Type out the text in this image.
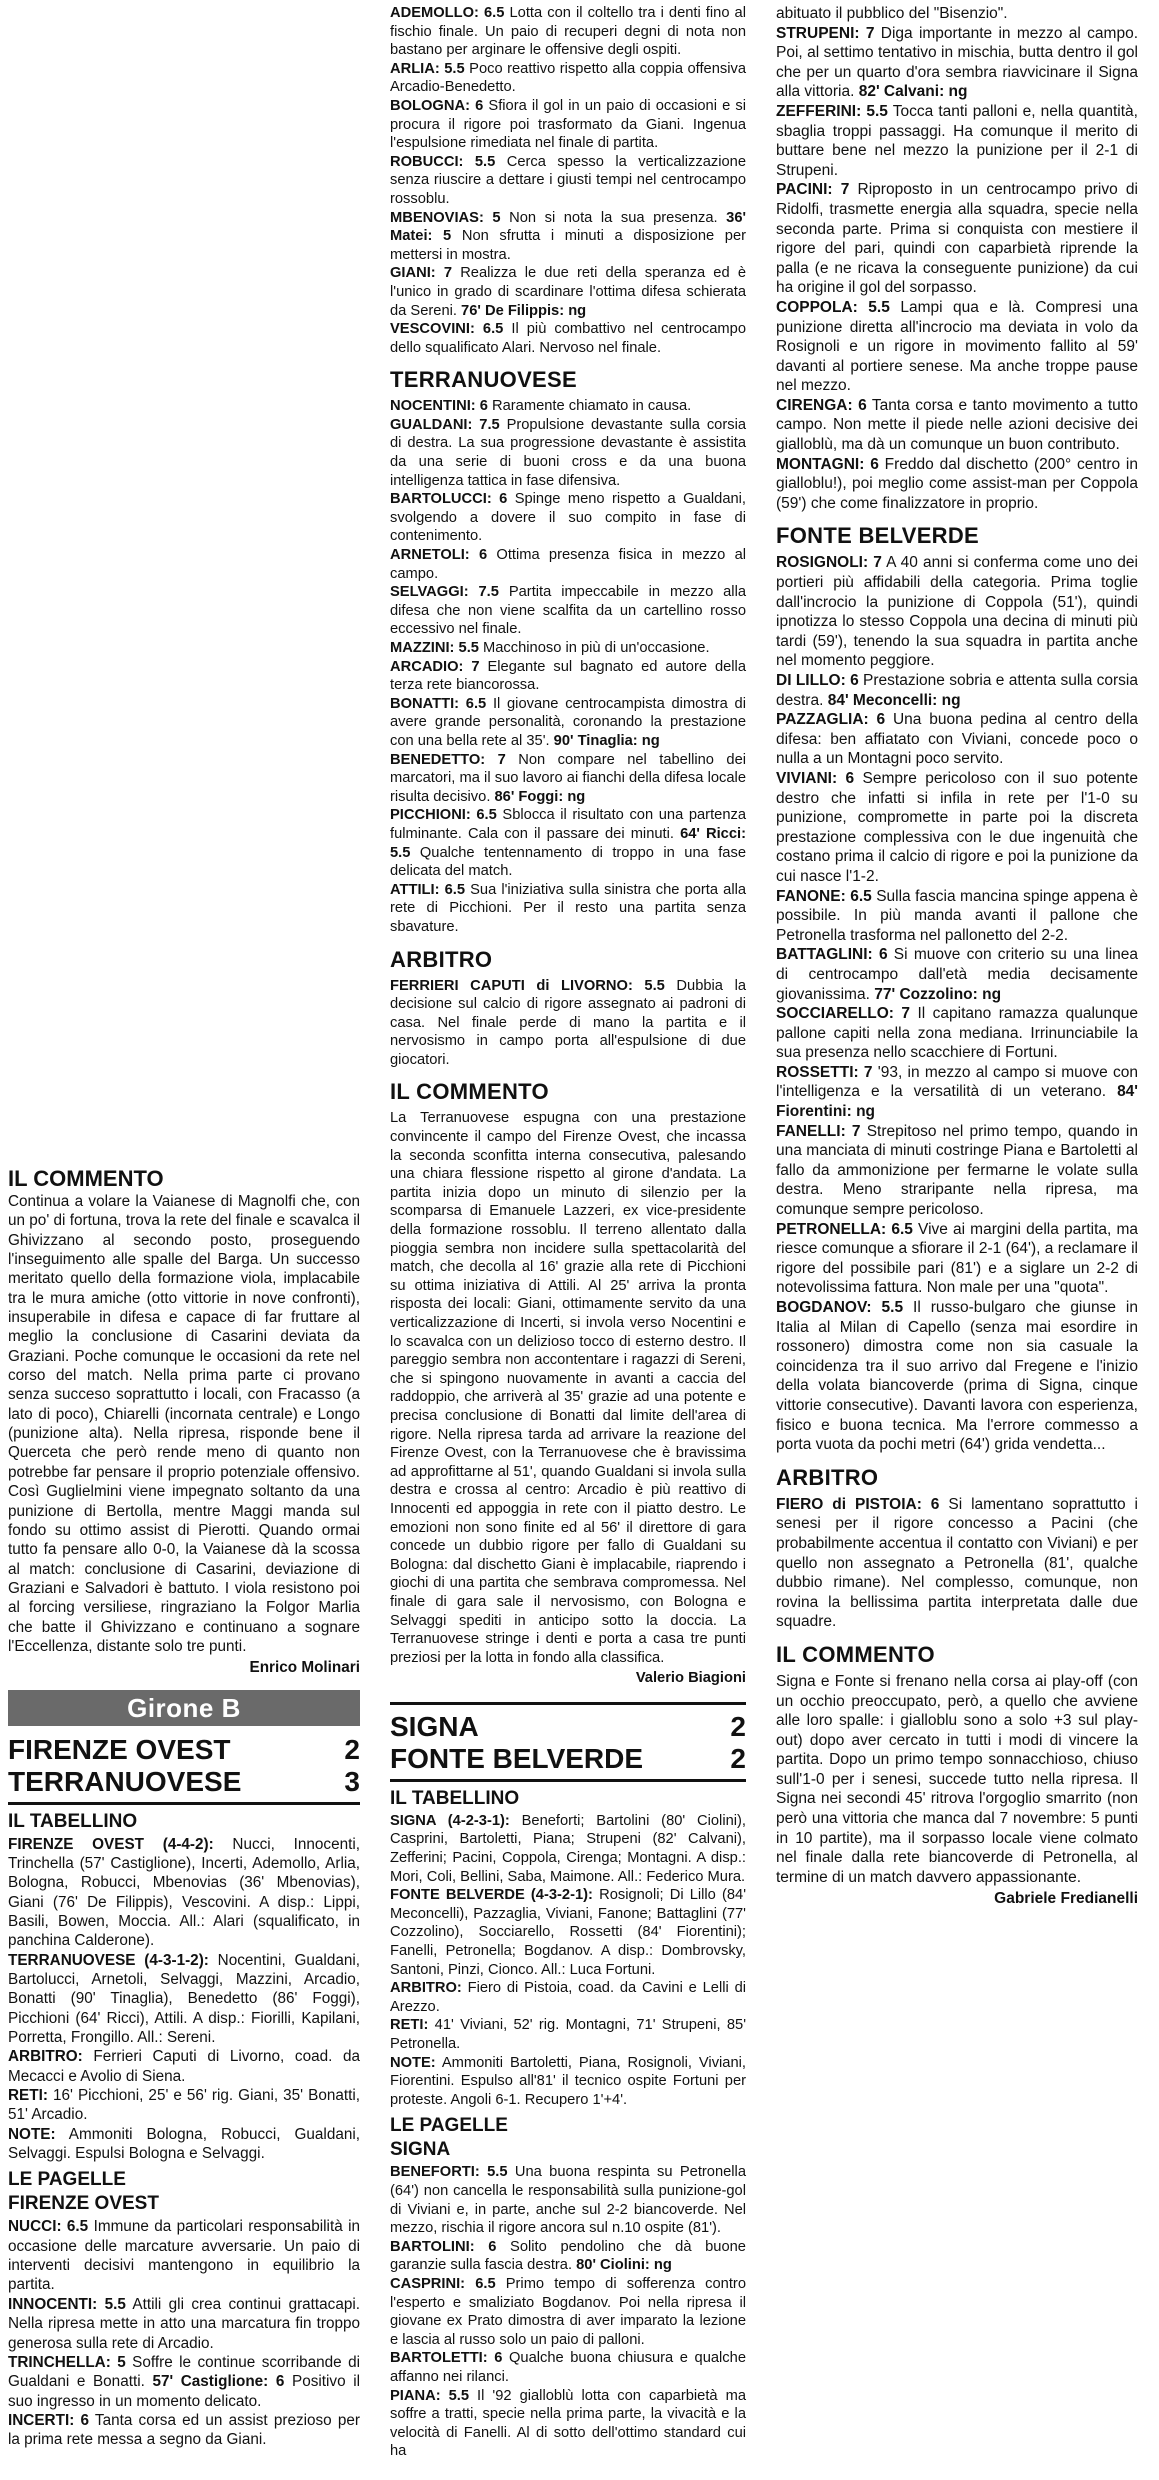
IL COMMENTO

Continua a volare la Vaianese di Magnolfi che, con un po' di fortuna, trova la rete del finale e scavalca il Ghivizzano al secondo posto, proseguendo l'inseguimento alle spalle del Barga. Un successo meritato quello della formazione viola, implacabile tra le mura amiche (otto vittorie in nove confronti), insuperabile in difesa e capace di far fruttare al meglio la conclusione di Casarini deviata da Graziani. Poche comunque le occasioni da rete nel corso del match. Nella prima parte ci provano senza succeso soprattutto i locali, con Fracasso (a lato di poco), Chiarelli (incornata centrale) e Longo (punizione alta). Nella ripresa, risponde bene il Querceta che però rende meno di quanto non potrebbe far pensare il proprio potenziale offensivo. Così Guglielmini viene impegnato soltanto da una punizione di Bertolla, mentre Maggi manda sul fondo su ottimo assist di Pierotti. Quando ormai tutto fa pensare allo 0-0, la Vaianese dà la scossa al match: conclusione di Casarini, deviazione di Graziani e Salvadori è battuto. I viola resistono poi al forcing versiliese, ringraziano la Folgor Marlia che batte il Ghivizzano e continuano a sognare l'Eccellenza, distante solo tre punti.

Enrico Molinari

Girone B
FIRENZE OVEST	2
TERRANUOVESE	3
IL TABELLINO

FIRENZE OVEST (4-4-2): Nucci, Innocenti, Trinchella (57' Castiglione), Incerti, Ademollo, Arlia, Bologna, Robucci, Mbenovias (36' Mbenovias), Giani (76' De Filippis), Vescovini. A disp.: Lippi, Basili, Bowen, Moccia. All.: Alari (squalificato, in panchina Calderone).

TERRANUOVESE (4-3-1-2): Nocentini, Gualdani, Bartolucci, Arnetoli, Selvaggi, Mazzini, Arcadio, Bonatti (90' Tinaglia), Benedetto (86' Foggi), Picchioni (64' Ricci), Attili. A disp.: Fiorilli, Kapilani, Porretta, Frongillo. All.: Sereni.

ARBITRO: Ferrieri Caputi di Livorno, coad. da Mecacci e Avolio di Siena.

RETI: 16' Picchioni, 25' e 56' rig. Giani, 35' Bonatti, 51' Arcadio.

NOTE: Ammoniti Bologna, Robucci, Gualdani, Selvaggi. Espulsi Bologna e Selvaggi.

LE PAGELLE
FIRENZE OVEST

NUCCI: 6.5 Immune da particolari responsabilità in occasione delle marcature avversarie. Un paio di interventi decisivi mantengono in equilibrio la partita.

INNOCENTI: 5.5 Attili gli crea continui grattacapi. Nella ripresa mette in atto una marcatura fin troppo generosa sulla rete di Arcadio.

TRINCHELLA: 5 Soffre le continue scorribande di Gualdani e Bonatti. 57' Castiglione: 6 Positivo il suo ingresso in un momento delicato.

INCERTI: 6 Tanta corsa ed un assist prezioso per la prima rete messa a segno da Giani.

ADEMOLLO: 6.5 Lotta con il coltello tra i denti fino al fischio finale. Un paio di recuperi degni di nota non bastano per arginare le offensive degli ospiti.

ARLIA: 5.5 Poco reattivo rispetto alla coppia offensiva Arcadio-Benedetto.

BOLOGNA: 6 Sfiora il gol in un paio di occasioni e si procura il rigore poi trasformato da Giani. Ingenua l'espulsione rimediata nel finale di partita.

ROBUCCI: 5.5 Cerca spesso la verticalizzazione senza riuscire a dettare i giusti tempi nel centrocampo rossoblu.

MBENOVIAS: 5 Non si nota la sua presenza. 36' Matei: 5 Non sfrutta i minuti a disposizione per mettersi in mostra.

GIANI: 7 Realizza le due reti della speranza ed è l'unico in grado di scardinare l'ottima difesa schierata da Sereni. 76' De Filippis: ng

VESCOVINI: 6.5 Il più combattivo nel centrocampo dello squalificato Alari. Nervoso nel finale.

TERRANUOVESE

NOCENTINI: 6 Raramente chiamato in causa.

GUALDANI: 7.5 Propulsione devastante sulla corsia di destra. La sua progressione devastante è assistita da una serie di buoni cross e da una buona intelligenza tattica in fase difensiva.

BARTOLUCCI: 6 Spinge meno rispetto a Gualdani, svolgendo a dovere il suo compito in fase di contenimento.

ARNETOLI: 6 Ottima presenza fisica in mezzo al campo.

SELVAGGI: 7.5 Partita impeccabile in mezzo alla difesa che non viene scalfita da un cartellino rosso eccessivo nel finale.

MAZZINI: 5.5 Macchinoso in più di un'occasione.

ARCADIO: 7 Elegante sul bagnato ed autore della terza rete biancorossa.

BONATTI: 6.5 Il giovane centrocampista dimostra di avere grande personalità, coronando la prestazione con una bella rete al 35'. 90' Tinaglia: ng

BENEDETTO: 7 Non compare nel tabellino dei marcatori, ma il suo lavoro ai fianchi della difesa locale risulta decisivo. 86' Foggi: ng

PICCHIONI: 6.5 Sblocca il risultato con una partenza fulminante. Cala con il passare dei minuti. 64' Ricci: 5.5 Qualche tentennamento di troppo in una fase delicata del match.

ATTILI: 6.5 Sua l'iniziativa sulla sinistra che porta alla rete di Picchioni. Per il resto una partita senza sbavature.

ARBITRO

FERRIERI CAPUTI di LIVORNO: 5.5 Dubbia la decisione sul calcio di rigore assegnato ai padroni di casa. Nel finale perde di mano la partita e il nervosismo in campo porta all'espulsione di due giocatori.

IL COMMENTO

La Terranuovese espugna con una prestazione convincente il campo del Firenze Ovest, che incassa la seconda sconfitta interna consecutiva, palesando una chiara flessione rispetto al girone d'andata. La partita inizia dopo un minuto di silenzio per la scomparsa di Emanuele Lazzeri, ex vice-presidente della formazione rossoblu. Il terreno allentato dalla pioggia sembra non incidere sulla spettacolarità del match, che decolla al 16' grazie alla rete di Picchioni su ottima iniziativa di Attili. Al 25' arriva la pronta risposta dei locali: Giani, ottimamente servito da una verticalizzazione di Incerti, si invola verso Nocentini e lo scavalca con un delizioso tocco di esterno destro. Il pareggio sembra non accontentare i ragazzi di Sereni, che si spingono nuovamente in avanti a caccia del raddoppio, che arriverà al 35' grazie ad una potente e precisa conclusione di Bonatti dal limite dell'area di rigore. Nella ripresa tarda ad arrivare la reazione del Firenze Ovest, con la Terranuovese che è bravissima ad approfittarne al 51', quando Gualdani si invola sulla destra e crossa al centro: Arcadio è più reattivo di Innocenti ed appoggia in rete con il piatto destro. Le emozioni non sono finite ed al 56' il direttore di gara concede un dubbio rigore per fallo di Gualdani su Bologna: dal dischetto Giani è implacabile, riaprendo i giochi di una partita che sembrava compromessa. Nel finale di gara sale il nervosismo, con Bologna e Selvaggi spediti in anticipo sotto la doccia. La Terranuovese stringe i denti e porta a casa tre punti preziosi per la lotta in fondo alla classifica.

Valerio Biagioni

SIGNA	2
FONTE BELVERDE	2
IL TABELLINO

SIGNA (4-2-3-1): Beneforti; Bartolini (80' Ciolini), Casprini, Bartoletti, Piana; Strupeni (82' Calvani), Zefferini; Pacini, Coppola, Cirenga; Montagni. A disp.: Mori, Coli, Bellini, Saba, Maimone. All.: Federico Mura.

FONTE BELVERDE (4-3-2-1): Rosignoli; Di Lillo (84' Meconcelli), Pazzaglia, Viviani, Fanone; Battaglini (77' Cozzolino), Socciarello, Rossetti (84' Fiorentini); Fanelli, Petronella; Bogdanov. A disp.: Dombrovsky, Santoni, Pinzi, Cionco. All.: Luca Fortuni.

ARBITRO: Fiero di Pistoia, coad. da Cavini e Lelli di Arezzo.

RETI: 41' Viviani, 52' rig. Montagni, 71' Strupeni, 85' Petronella.

NOTE: Ammoniti Bartoletti, Piana, Rosignoli, Viviani, Fiorentini. Espulso all'81' il tecnico ospite Fortuni per proteste. Angoli 6-1. Recupero 1'+4'.

LE PAGELLE
SIGNA

BENEFORTI: 5.5 Una buona respinta su Petronella (64') non cancella le responsabilità sulla punizione-gol di Viviani e, in parte, anche sul 2-2 biancoverde. Nel mezzo, rischia il rigore ancora sul n.10 ospite (81').

BARTOLINI: 6 Solito pendolino che dà buone garanzie sulla fascia destra. 80' Ciolini: ng

CASPRINI: 6.5 Primo tempo di sofferenza contro l'esperto e smaliziato Bogdanov. Poi nella ripresa il giovane ex Prato dimostra di aver imparato la lezione e lascia al russo solo un paio di palloni.

BARTOLETTI: 6 Qualche buona chiusura e qualche affanno nei rilanci.

PIANA: 5.5 Il '92 gialloblù lotta con caparbietà ma soffre a tratti, specie nella prima parte, la vivacità e la velocità di Fanelli. Al di sotto dell'ottimo standard cui ha

abituato il pubblico del "Bisenzio".

STRUPENI: 7 Diga importante in mezzo al campo. Poi, al settimo tentativo in mischia, butta dentro il gol che per un quarto d'ora sembra riavvicinare il Signa alla vittoria. 82' Calvani: ng

ZEFFERINI: 5.5 Tocca tanti palloni e, nella quantità, sbaglia troppi passaggi. Ha comunque il merito di buttare bene nel mezzo la punizione per il 2-1 di Strupeni.

PACINI: 7 Riproposto in un centrocampo privo di Ridolfi, trasmette energia alla squadra, specie nella seconda parte. Prima si conquista con mestiere il rigore del pari, quindi con caparbietà riprende la palla (e ne ricava la conseguente punizione) da cui ha origine il gol del sorpasso.

COPPOLA: 5.5 Lampi qua e là. Compresi una punizione diretta all'incrocio ma deviata in volo da Rosignoli e un rigore in movimento fallito al 59' davanti al portiere senese. Ma anche troppe pause nel mezzo.

CIRENGA: 6 Tanta corsa e tanto movimento a tutto campo. Non mette il piede nelle azioni decisive dei gialloblù, ma dà un comunque un buon contributo.

MONTAGNI: 6 Freddo dal dischetto (200° centro in gialloblu!), poi meglio come assist-man per Coppola (59') che come finalizzatore in proprio.

FONTE BELVERDE

ROSIGNOLI: 7 A 40 anni si conferma come uno dei portieri più affidabili della categoria. Prima toglie dall'incrocio la punizione di Coppola (51'), quindi ipnotizza lo stesso Coppola una decina di minuti più tardi (59'), tenendo la sua squadra in partita anche nel momento peggiore.

DI LILLO: 6 Prestazione sobria e attenta sulla corsia destra. 84' Meconcelli: ng

PAZZAGLIA: 6 Una buona pedina al centro della difesa: ben affiatato con Viviani, concede poco o nulla a un Montagni poco servito.

VIVIANI: 6 Sempre pericoloso con il suo potente destro che infatti si infila in rete per l'1-0 su punizione, compromette in parte poi la discreta prestazione complessiva con le due ingenuità che costano prima il calcio di rigore e poi la punizione da cui nasce l'1-2.

FANONE: 6.5 Sulla fascia mancina spinge appena è possibile. In più manda avanti il pallone che Petronella trasforma nel pallonetto del 2-2.

BATTAGLINI: 6 Si muove con criterio su una linea di centrocampo dall'età media decisamente giovanissima. 77' Cozzolino: ng

SOCCIARELLO: 7 Il capitano ramazza qualunque pallone capiti nella zona mediana. Irrinunciabile la sua presenza nello scacchiere di Fortuni.

ROSSETTI: 7 '93, in mezzo al campo si muove con l'intelligenza e la versatilità di un veterano. 84' Fiorentini: ng

FANELLI: 7 Strepitoso nel primo tempo, quando in una manciata di minuti costringe Piana e Bartoletti al fallo da ammonizione per fermarne le volate sulla destra. Meno straripante nella ripresa, ma comunque sempre pericoloso.

PETRONELLA: 6.5 Vive ai margini della partita, ma riesce comunque a sfiorare il 2-1 (64'), a reclamare il rigore del possibile pari (81') e a siglare un 2-2 di notevolissima fattura. Non male per una "quota".

BOGDANOV: 5.5 Il russo-bulgaro che giunse in Italia al Milan di Capello (senza mai esordire in rossonero) dimostra come non sia casuale la coincidenza tra il suo arrivo dal Fregene e l'inizio della volata biancoverde (prima di Signa, cinque vittorie consecutive). Davanti lavora con esperienza, fisico e buona tecnica. Ma l'errore commesso a porta vuota da pochi metri (64') grida vendetta...

ARBITRO

FIERO di PISTOIA: 6 Si lamentano soprattutto i senesi per il rigore concesso a Pacini (che probabilmente accentua il contatto con Viviani) e per quello non assegnato a Petronella (81', qualche dubbio rimane). Nel complesso, comunque, non rovina la bellissima partita interpretata dalle due squadre.

IL COMMENTO

Signa e Fonte si frenano nella corsa ai play-off (con un occhio preoccupato, però, a quello che avviene alle loro spalle: i gialloblu sono a solo +3 sul play-out) dopo aver cercato in tutti i modi di vincere la partita. Dopo un primo tempo sonnacchioso, chiuso sull'1-0 per i senesi, succede tutto nella ripresa. Il Signa nei secondi 45' ritrova l'orgoglio smarrito (non però una vittoria che manca dal 7 novembre: 5 punti in 10 partite), ma il sorpasso locale viene colmato nel finale dalla rete biancoverde di Petronella, al termine di un match davvero appassionante.

Gabriele Fredianelli
